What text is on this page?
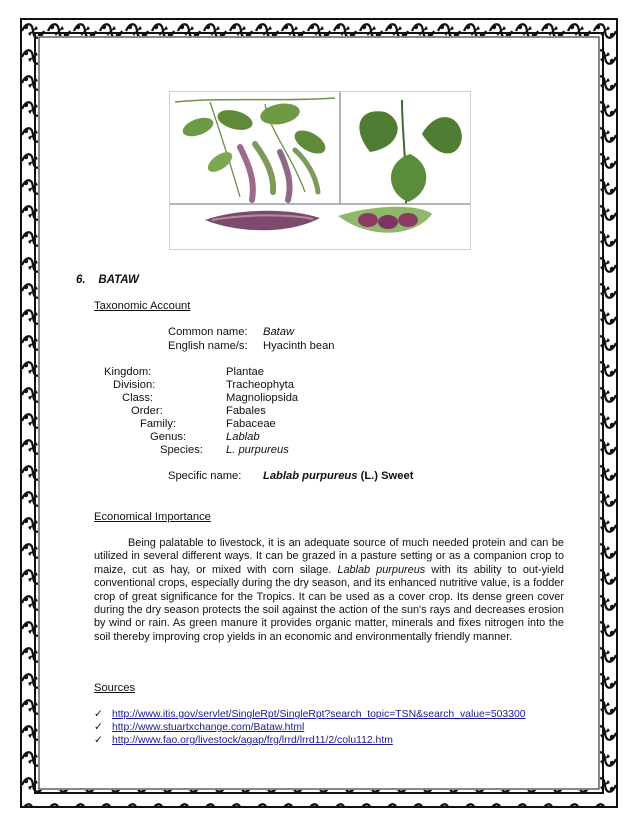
6. BATAW
Taxonomic Account
Common name: Bataw
English name/s: Hyacinth bean
Kingdom:	Plantae
Division:	Tracheophyta
Class:	Magnoliopsida
Order:	Fabales
Family:	Fabaceae
Genus:	Lablab
Species: L. purpureus
Specific name: Lablab purpureus (L.) Sweet
Economical Importance
Being palatable to livestock, it is an adequate source of much needed protein and can be utilized in several different ways. It can be grazed in a pasture setting or as a companion crop to maize, cut as hay, or mixed with corn silage. Lablab purpureus with its ability to out-yield conventional crops, especially during the dry season, and its enhanced nutritive value, is a fodder crop of great significance for the Tropics. It can be used as a cover crop. Its dense green cover during the dry season protects the soil against the action of the sun's rays and decreases erosion by wind or rain. As green manure it provides organic matter, minerals and fixes nitrogen into the soil thereby improving crop yields in an economic and environmentally friendly manner.
Sources
✓ http://www.itis.gov/servlet/SingleRpt/SingleRpt?search_topic=TSN&search_value=503300
✓ http://www.stuartxchange.com/Bataw.html
✓ http://www.fao.org/livestock/agap/frg/lrrd/lrrd11/2/colu112.htm
